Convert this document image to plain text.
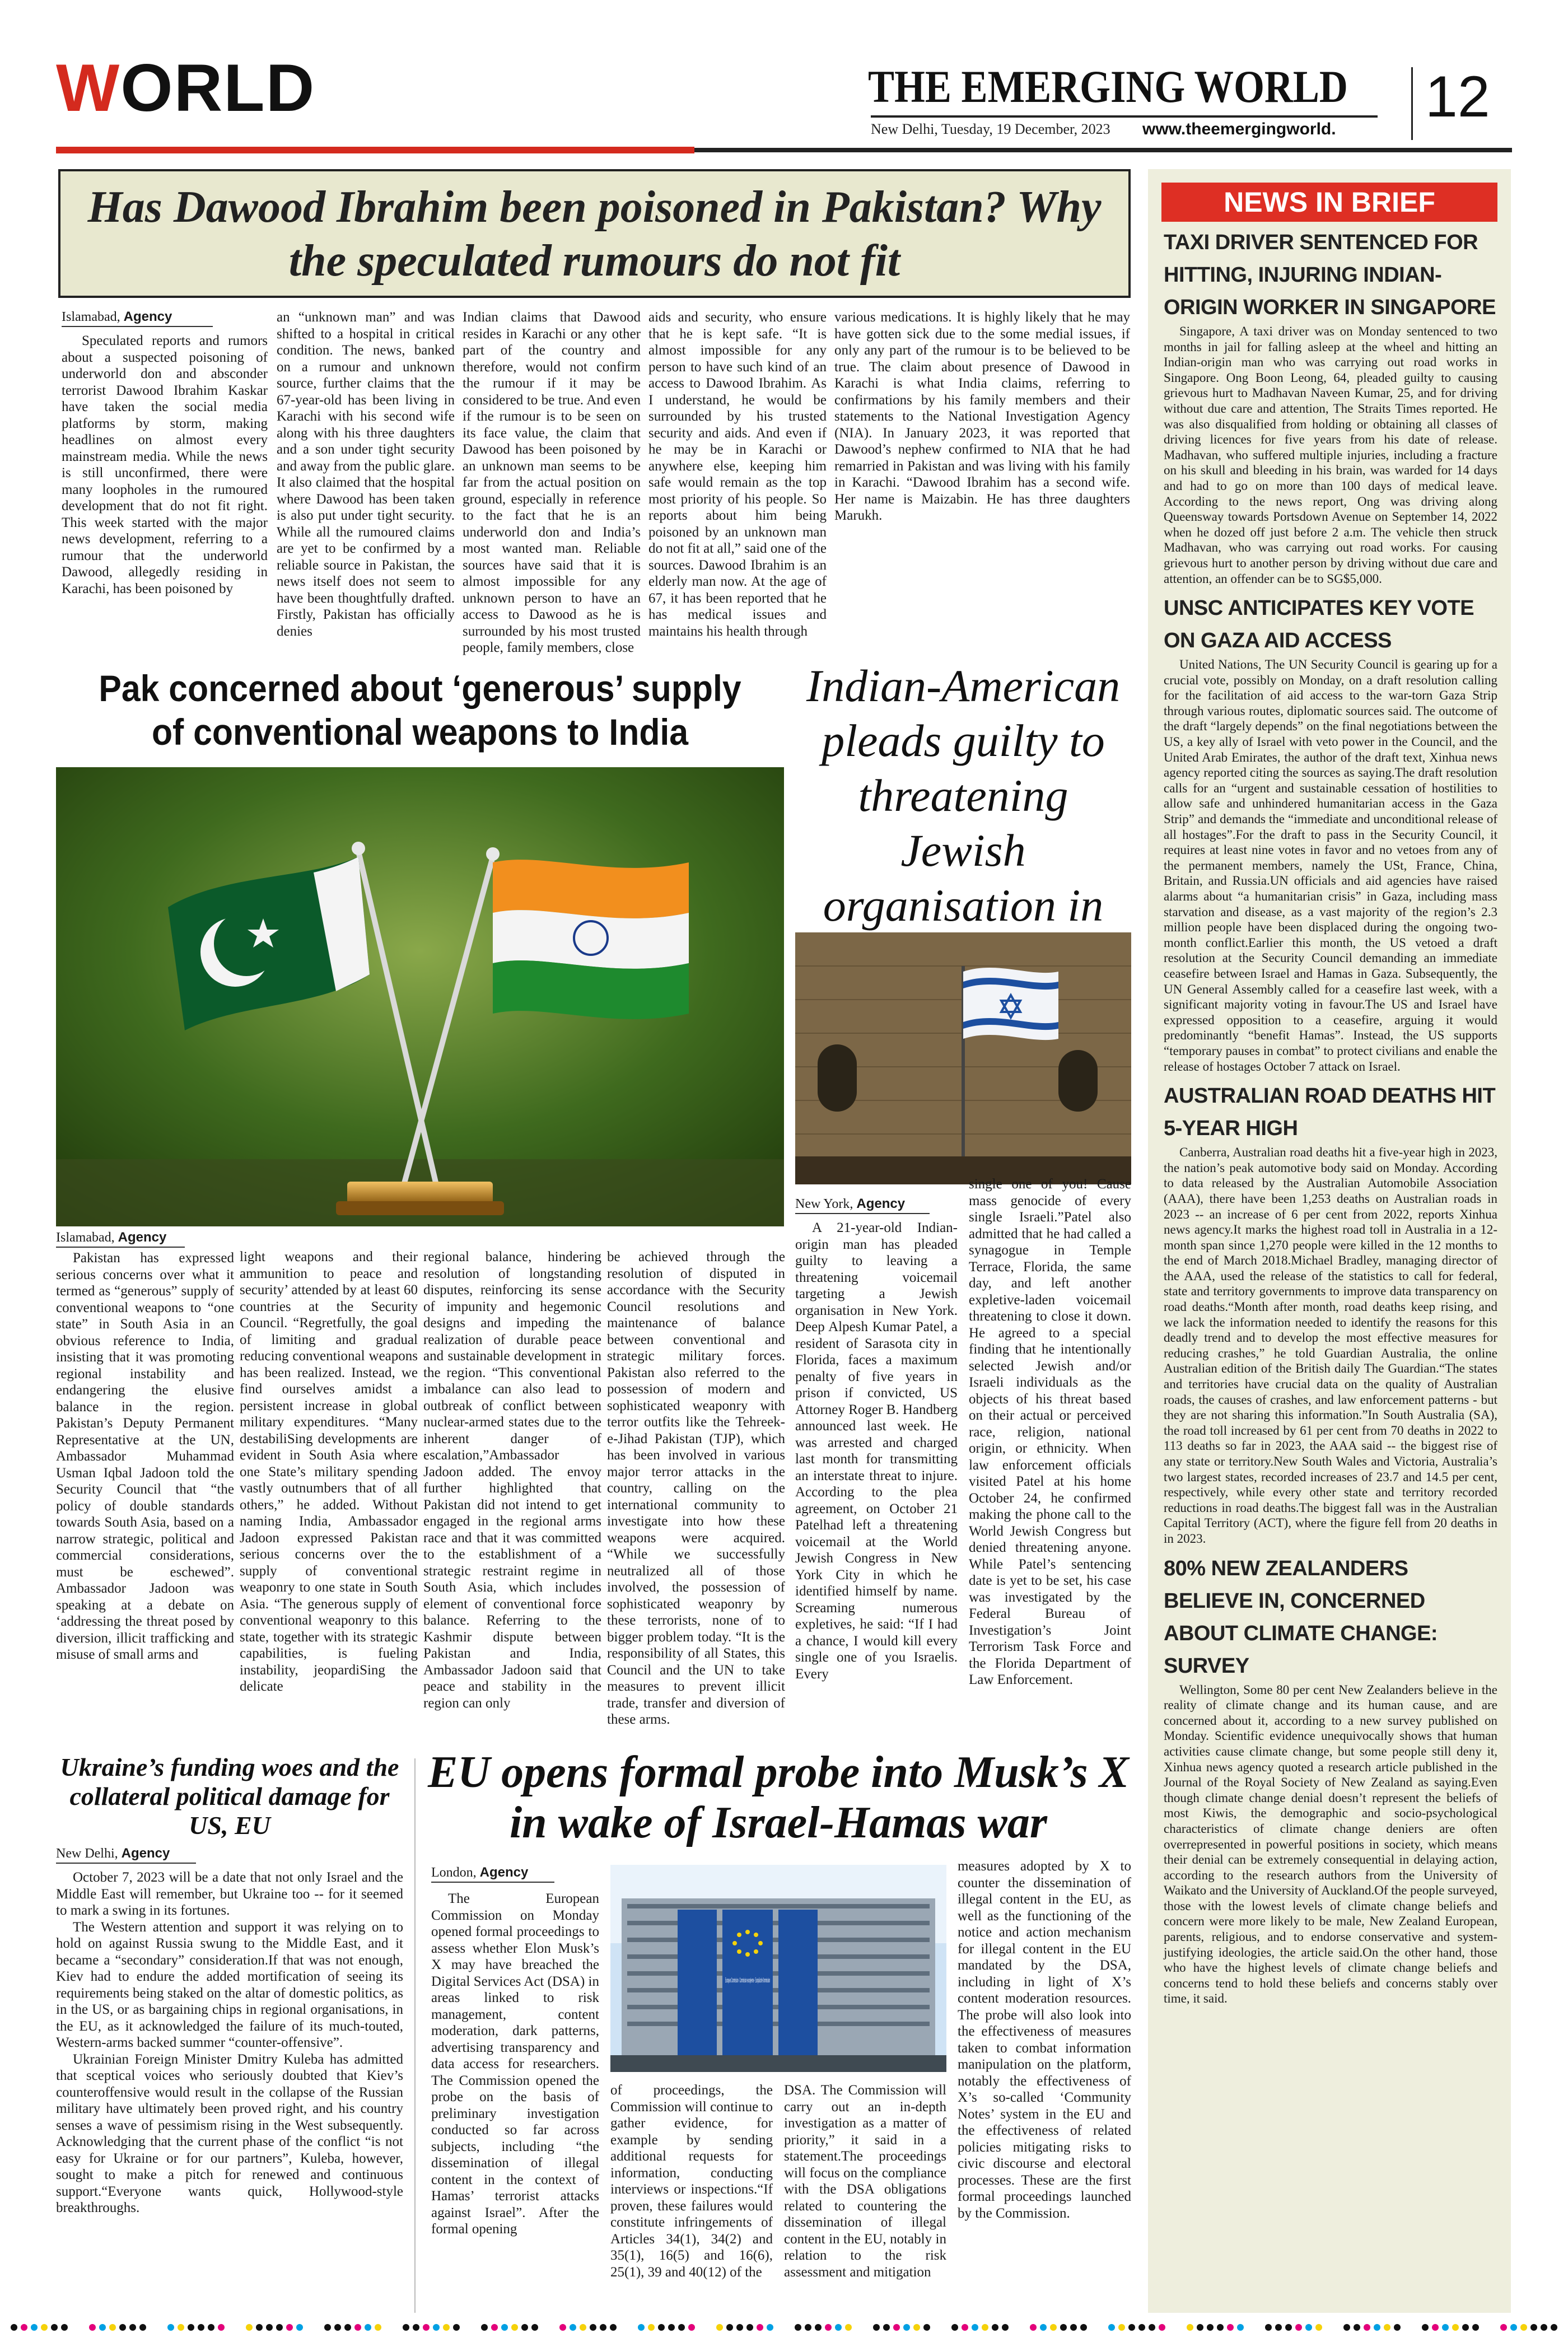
WORLD	THE EMERGING WORLD
New Delhi, Tuesday, 19 December, 2023 www.theemergingworld. 12
Has Dawood Ibrahim been poisoned in Pakistan? Why the speculated rumours do not fit
Islamabad, Agency

Speculated reports and rumors about a suspected poisoning of underworld don and absconder terrorist Dawood Ibrahim Kaskar have taken the social media platforms by storm, making headlines on almost every mainstream media. While the news is still unconfirmed, there were many loopholes in the rumoured development that do not fit right. This week started with the major news development, referring to a rumour that the underworld Dawood, allegedly residing in Karachi, has been poisoned by

an “unknown man” and was shifted to a hospital in critical condition. The news, banked on a rumour and unknown source, further claims that the 67-year-old has been living in Karachi with his second wife along with his three daughters and a son under tight security and away from the public glare. It also claimed that the hospital where Dawood has been taken is also put under tight security. While all the rumoured claims are yet to be confirmed by a reliable source in Pakistan, the news itself does not seem to have been thoughtfully drafted. Firstly, Pakistan has officially denies

Indian claims that Dawood resides in Karachi or any other part of the country and therefore, would not confirm the rumour if it may be considered to be true. And even if the rumour is to be seen on its face value, the claim that Dawood has been poisoned by an unknown man seems to be far from the actual position on ground, especially in reference to the fact that he is an underworld don and India’s most wanted man. Reliable sources have said that it is almost impossible for any unknown person to have an access to Dawood as he is surrounded by his most trusted people, family members, close

aids and security, who ensure that he is kept safe. “It is almost impossible for any person to have such kind of an access to Dawood Ibrahim. As I understand, he would be surrounded by his trusted security and aids. And even if he may be in Karachi or anywhere else, keeping him safe would remain as the top most priority of his people. So reports about him being poisoned by an unknown man do not fit at all,” said one of the sources. Dawood Ibrahim is an elderly man now. At the age of 67, it has been reported that he has medical issues and maintains his health through

various medications. It is highly likely that he may have gotten sick due to the some medial issues, if only any part of the rumour is to be believed to be true. The claim about presence of Dawood in Karachi is what India claims, referring to confirmations by his family members and their statements to the National Investigation Agency (NIA). In January 2023, it was reported that Dawood’s nephew confirmed to NIA that he had remarried in Pakistan and was living with his family in Karachi. “Dawood Ibrahim has a second wife. Her name is Maizabin. He has three daughters Marukh.

Pak concerned about ‘generous’ supply of conventional weapons to India
Islamabad, Agency

Pakistan has expressed serious concerns over what it termed as “generous” supply of conventional weapons to “one state” in South Asia in an obvious reference to India, insisting that it was promoting regional instability and endangering the elusive balance in the region. Pakistan’s Deputy Permanent Representative at the UN, Ambassador Muhammad Usman Iqbal Jadoon told the Security Council that “the policy of double standards towards South Asia, based on a narrow strategic, political and commercial considerations, must be eschewed”. Ambassador Jadoon was speaking at a debate on ‘addressing the threat posed by diversion, illicit trafficking and misuse of small arms and

light weapons and their ammunition to peace and security’ attended by at least 60 countries at the Security Council. “Regretfully, the goal of limiting and gradual reducing conventional weapons has been realized. Instead, we find ourselves amidst a persistent increase in global military expenditures. “Many destabiliSing developments are evident in South Asia where one State’s military spending vastly outnumbers that of all others,” he added. Without naming India, Ambassador Jadoon expressed Pakistan serious concerns over the supply of conventional weaponry to one state in South Asia. “The generous supply of conventional weaponry to this state, together with its strategic capabilities, is fueling instability, jeopardiSing the delicate

regional balance, hindering resolution of longstanding disputes, reinforcing its sense of impunity and hegemonic designs and impeding the realization of durable peace and sustainable development in the region. “This conventional imbalance can also lead to outbreak of conflict between nuclear-armed states due to the inherent danger of escalation,”Ambassador Jadoon added. The envoy further highlighted that Pakistan did not intend to get engaged in the regional arms race and that it was committed to the establishment of a strategic restraint regime in South Asia, which includes element of conventional force balance. Referring to the Kashmir dispute between Pakistan and India, Ambassador Jadoon said that peace and stability in the region can only

be achieved through the resolution of disputed in accordance with the Security Council resolutions and maintenance of balance between conventional and strategic military forces. Pakistan also referred to the possession of modern and sophisticated weaponry with terror outfits like the Tehreek-e-Jihad Pakistan (TJP), which has been involved in various major terror attacks in the country, calling on the international community to investigate into how these weapons were acquired. “While we successfully neutralized all of those involved, the possession of sophisticated weaponry by these terrorists, none of to bigger problem today. “It is the responsibility of all States, this Council and the UN to take measures to prevent illicit trade, transfer and diversion of these arms.

Indian-American pleads guilty to threatening Jewish organisation in
New York, Agency

A 21-year-old Indian-origin man has pleaded guilty to leaving a threatening voicemail targeting a Jewish organisation in New York. Deep Alpesh Kumar Patel, a resident of Sarasota city in Florida, faces a maximum penalty of five years in prison if convicted, US Attorney Roger B. Handberg announced last week. He was arrested and charged last month for transmitting an interstate threat to injure. According to the plea agreement, on October 21 Patelhad left a threatening voicemail at the World Jewish Congress in New York City in which he identified himself by name. Screaming numerous expletives, he said: “If I had a chance, I would kill every single one of you Israelis. Every

single one of you! Cause mass genocide of every single Israeli.”Patel also admitted that he had called a synagogue in Temple Terrace, Florida, the same day, and left another expletive-laden voicemail threatening to close it down. He agreed to a special finding that he intentionally selected Jewish and/or Israeli individuals as the objects of his threat based on their actual or perceived race, religion, national origin, or ethnicity. When law enforcement officials visited Patel at his home October 24, he confirmed making the phone call to the World Jewish Congress but denied threatening anyone. While Patel’s sentencing date is yet to be set, his case was investigated by the Federal Bureau of Investigation’s Joint Terrorism Task Force and the Florida Department of Law Enforcement.

Ukraine’s funding woes and the collateral political damage for US, EU
New Delhi, Agency

October 7, 2023 will be a date that not only Israel and the Middle East will remember, but Ukraine too -- for it seemed to mark a swing in its fortunes.

The Western attention and support it was relying on to hold on against Russia swung to the Middle East, and it became a “secondary” consideration.If that was not enough, Kiev had to endure the added mortification of seeing its requirements being staked on the altar of domestic politics, as in the US, or as bargaining chips in regional organisations, in the EU, as it acknowledged the failure of its much-touted, Western-arms backed summer “counter-offensive”.

Ukrainian Foreign Minister Dmitry Kuleba has admitted that sceptical voices who seriously doubted that Kiev’s counteroffensive would result in the collapse of the Russian military have ultimately been proved right, and his country senses a wave of pessimism rising in the West subsequently. Acknowledging that the current phase of the conflict “is not easy for Ukraine or for our partners”, Kuleba, however, sought to make a pitch for renewed and continuous support.“Everyone wants quick, Hollywood-style breakthroughs.

EU opens formal probe into Musk’s X in wake of Israel-Hamas war
London, Agency

The European Commission on Monday opened formal proceedings to assess whether Elon Musk’s X may have breached the Digital Services Act (DSA) in areas linked to risk management, content moderation, dark patterns, advertising transparency and data access for researchers. The Commission opened the probe on the basis of preliminary investigation conducted so far across subjects, including “the dissemination of illegal content in the context of Hamas’ terrorist attacks against Israel”. After the formal opening

European Commission · Commission européenne · Europäische Kommission

of proceedings, the Commission will continue to gather evidence, for example by sending additional requests for information, conducting interviews or inspections.“If proven, these failures would constitute infringements of Articles 34(1), 34(2) and 35(1), 16(5) and 16(6), 25(1), 39 and 40(12) of the

DSA. The Commission will carry out an in-depth investigation as a matter of priority,” it said in a statement.The proceedings will focus on the compliance with the DSA obligations related to countering the dissemination of illegal content in the EU, notably in relation to the risk assessment and mitigation

measures adopted by X to counter the dissemination of illegal content in the EU, as well as the functioning of the notice and action mechanism for illegal content in the EU mandated by the DSA, including in light of X’s content moderation resources. The probe will also look into the effectiveness of measures taken to combat information manipulation on the platform, notably the effectiveness of X’s so-called ‘Community Notes’ system in the EU and the effectiveness of related policies mitigating risks to civic discourse and electoral processes. These are the first formal proceedings launched by the Commission.

NEWS IN BRIEF

TAXI DRIVER SENTENCED FOR HITTING, INJURING INDIAN-ORIGIN WORKER IN SINGAPORE

Singapore, A taxi driver was on Monday sentenced to two months in jail for falling asleep at the wheel and hitting an Indian-origin man who was carrying out road works in Singapore. Ong Boon Leong, 64, pleaded guilty to causing grievous hurt to Madhavan Naveen Kumar, 25, and for driving without due care and attention, The Straits Times reported. He was also disqualified from holding or obtaining all classes of driving licences for five years from his date of release. Madhavan, who suffered multiple injuries, including a fracture on his skull and bleeding in his brain, was warded for 14 days and had to go on more than 100 days of medical leave. According to the news report, Ong was driving along Queensway towards Portsdown Avenue on September 14, 2022 when he dozed off just before 2 a.m. The vehicle then struck Madhavan, who was carrying out road works. For causing grievous hurt to another person by driving without due care and attention, an offender can be to SG$5,000.

UNSC ANTICIPATES KEY VOTE ON GAZA AID ACCESS

United Nations, The UN Security Council is gearing up for a crucial vote, possibly on Monday, on a draft resolution calling for the facilitation of aid access to the war-torn Gaza Strip through various routes, diplomatic sources said. The outcome of the draft “largely depends” on the final negotiations between the US, a key ally of Israel with veto power in the Council, and the United Arab Emirates, the author of the draft text, Xinhua news agency reported citing the sources as saying.The draft resolution calls for an “urgent and sustainable cessation of hostilities to allow safe and unhindered humanitarian access in the Gaza Strip” and demands the “immediate and unconditional release of all hostages”.For the draft to pass in the Security Council, it requires at least nine votes in favor and no vetoes from any of the permanent members, namely the USt, France, China, Britain, and Russia.UN officials and aid agencies have raised alarms about “a humanitarian crisis” in Gaza, including mass starvation and disease, as a vast majority of the region’s 2.3 million people have been displaced during the ongoing two-month conflict.Earlier this month, the US vetoed a draft resolution at the Security Council demanding an immediate ceasefire between Israel and Hamas in Gaza. Subsequently, the UN General Assembly called for a ceasefire last week, with a significant majority voting in favour.The US and Israel have expressed opposition to a ceasefire, arguing it would predominantly “benefit Hamas”. Instead, the US supports “temporary pauses in combat” to protect civilians and enable the release of hostages October 7 attack on Israel.

AUSTRALIAN ROAD DEATHS HIT 5-YEAR HIGH

Canberra, Australian road deaths hit a five-year high in 2023, the nation’s peak automotive body said on Monday. According to data released by the Australian Automobile Association (AAA), there have been 1,253 deaths on Australian roads in 2023 -- an increase of 6 per cent from 2022, reports Xinhua news agency.It marks the highest road toll in Australia in a 12-month span since 1,270 people were killed in the 12 months to the end of March 2018.Michael Bradley, managing director of the AAA, used the release of the statistics to call for federal, state and territory governments to improve data transparency on road deaths.“Month after month, road deaths keep rising, and we lack the information needed to identify the reasons for this deadly trend and to develop the most effective measures for reducing crashes,” he told Guardian Australia, the online Australian edition of the British daily The Guardian.“The states and territories have crucial data on the quality of Australian roads, the causes of crashes, and law enforcement patterns - but they are not sharing this information.”In South Australia (SA), the road toll increased by 61 per cent from 70 deaths in 2022 to 113 deaths so far in 2023, the AAA said -- the biggest rise of any state or territory.New South Wales and Victoria, Australia’s two largest states, recorded increases of 23.7 and 14.5 per cent, respectively, while every other state and territory recorded reductions in road deaths.The biggest fall was in the Australian Capital Territory (ACT), where the figure fell from 20 deaths in in 2023.

80% NEW ZEALANDERS BELIEVE IN, CONCERNED ABOUT CLIMATE CHANGE: SURVEY

Wellington, Some 80 per cent New Zealanders believe in the reality of climate change and its human cause, and are concerned about it, according to a new survey published on Monday. Scientific evidence unequivocally shows that human activities cause climate change, but some people still deny it, Xinhua news agency quoted a research article published in the Journal of the Royal Society of New Zealand as saying.Even though climate change denial doesn’t represent the beliefs of most Kiwis, the demographic and socio-psychological characteristics of climate change deniers are often overrepresented in powerful positions in society, which means their denial can be extremely consequential in delaying action, according to the research authors from the University of Waikato and the University of Auckland.Of the people surveyed, those with the lowest levels of climate change beliefs and concern were more likely to be male, New Zealand European, parents, religious, and to endorse conservative and system-justifying ideologies, the article said.On the other hand, those who have the highest levels of climate change beliefs and concerns tend to hold these beliefs and concerns stably over time, it said.
